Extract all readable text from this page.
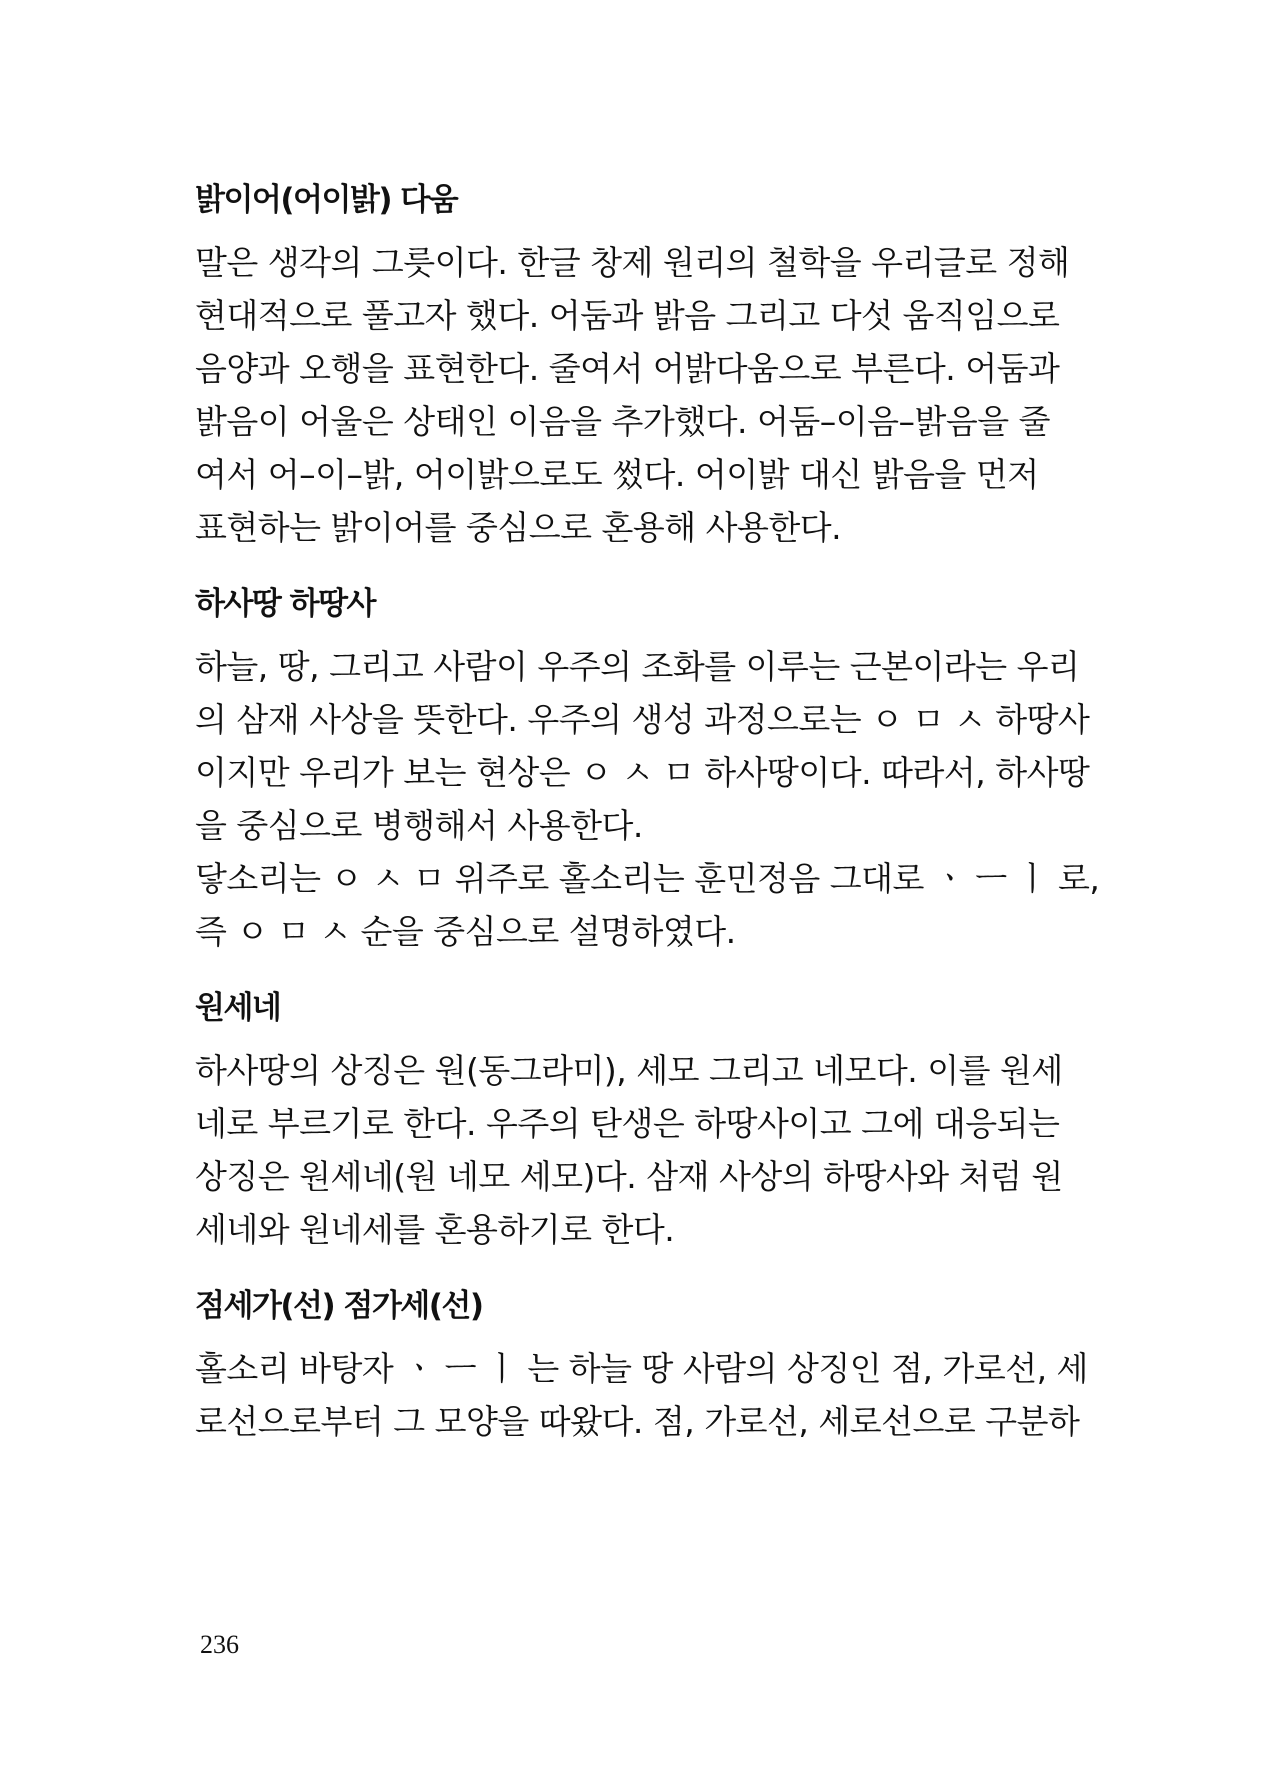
밝이어(어이밝) 다움

말은 생각의 그릇이다. 한글 창제 원리의 철학을 우리글로 정해

현대적으로 풀고자 했다. 어둠과 밝음 그리고 다섯 움직임으로

음양과 오행을 표현한다. 줄여서 어밝다움으로 부른다. 어둠과

밝음이 어울은 상태인 이음을 추가했다. 어둠–이음–밝음을 줄

여서 어–이–밝, 어이밝으로도 썼다. 어이밝 대신 밝음을 먼저

표현하는 밝이어를 중심으로 혼용해 사용한다.

하사땅 하땅사

하늘, 땅, 그리고 사람이 우주의 조화를 이루는 근본이라는 우리

의 삼재 사상을 뜻한다. 우주의 생성 과정으로는 ㅇ ㅁ ㅅ 하땅사

이지만 우리가 보는 현상은 ㅇ ㅅ ㅁ 하사땅이다. 따라서, 하사땅

을 중심으로 병행해서 사용한다.

닿소리는 ㅇ ㅅ ㅁ 위주로 홀소리는 훈민정음 그대로 ㆍ ㅡ ㅣ 로,

즉 ㅇ ㅁ ㅅ 순을 중심으로 설명하였다.

원세네

하사땅의 상징은 원(동그라미), 세모 그리고 네모다. 이를 원세

네로 부르기로 한다. 우주의 탄생은 하땅사이고 그에 대응되는

상징은 원세네(원 네모 세모)다. 삼재 사상의 하땅사와 처럼 원

세네와 원네세를 혼용하기로 한다.

점세가(선) 점가세(선)

홀소리 바탕자 ㆍ ㅡ ㅣ 는 하늘 땅 사람의 상징인 점, 가로선, 세

로선으로부터 그 모양을 따왔다. 점, 가로선, 세로선으로 구분하

236
